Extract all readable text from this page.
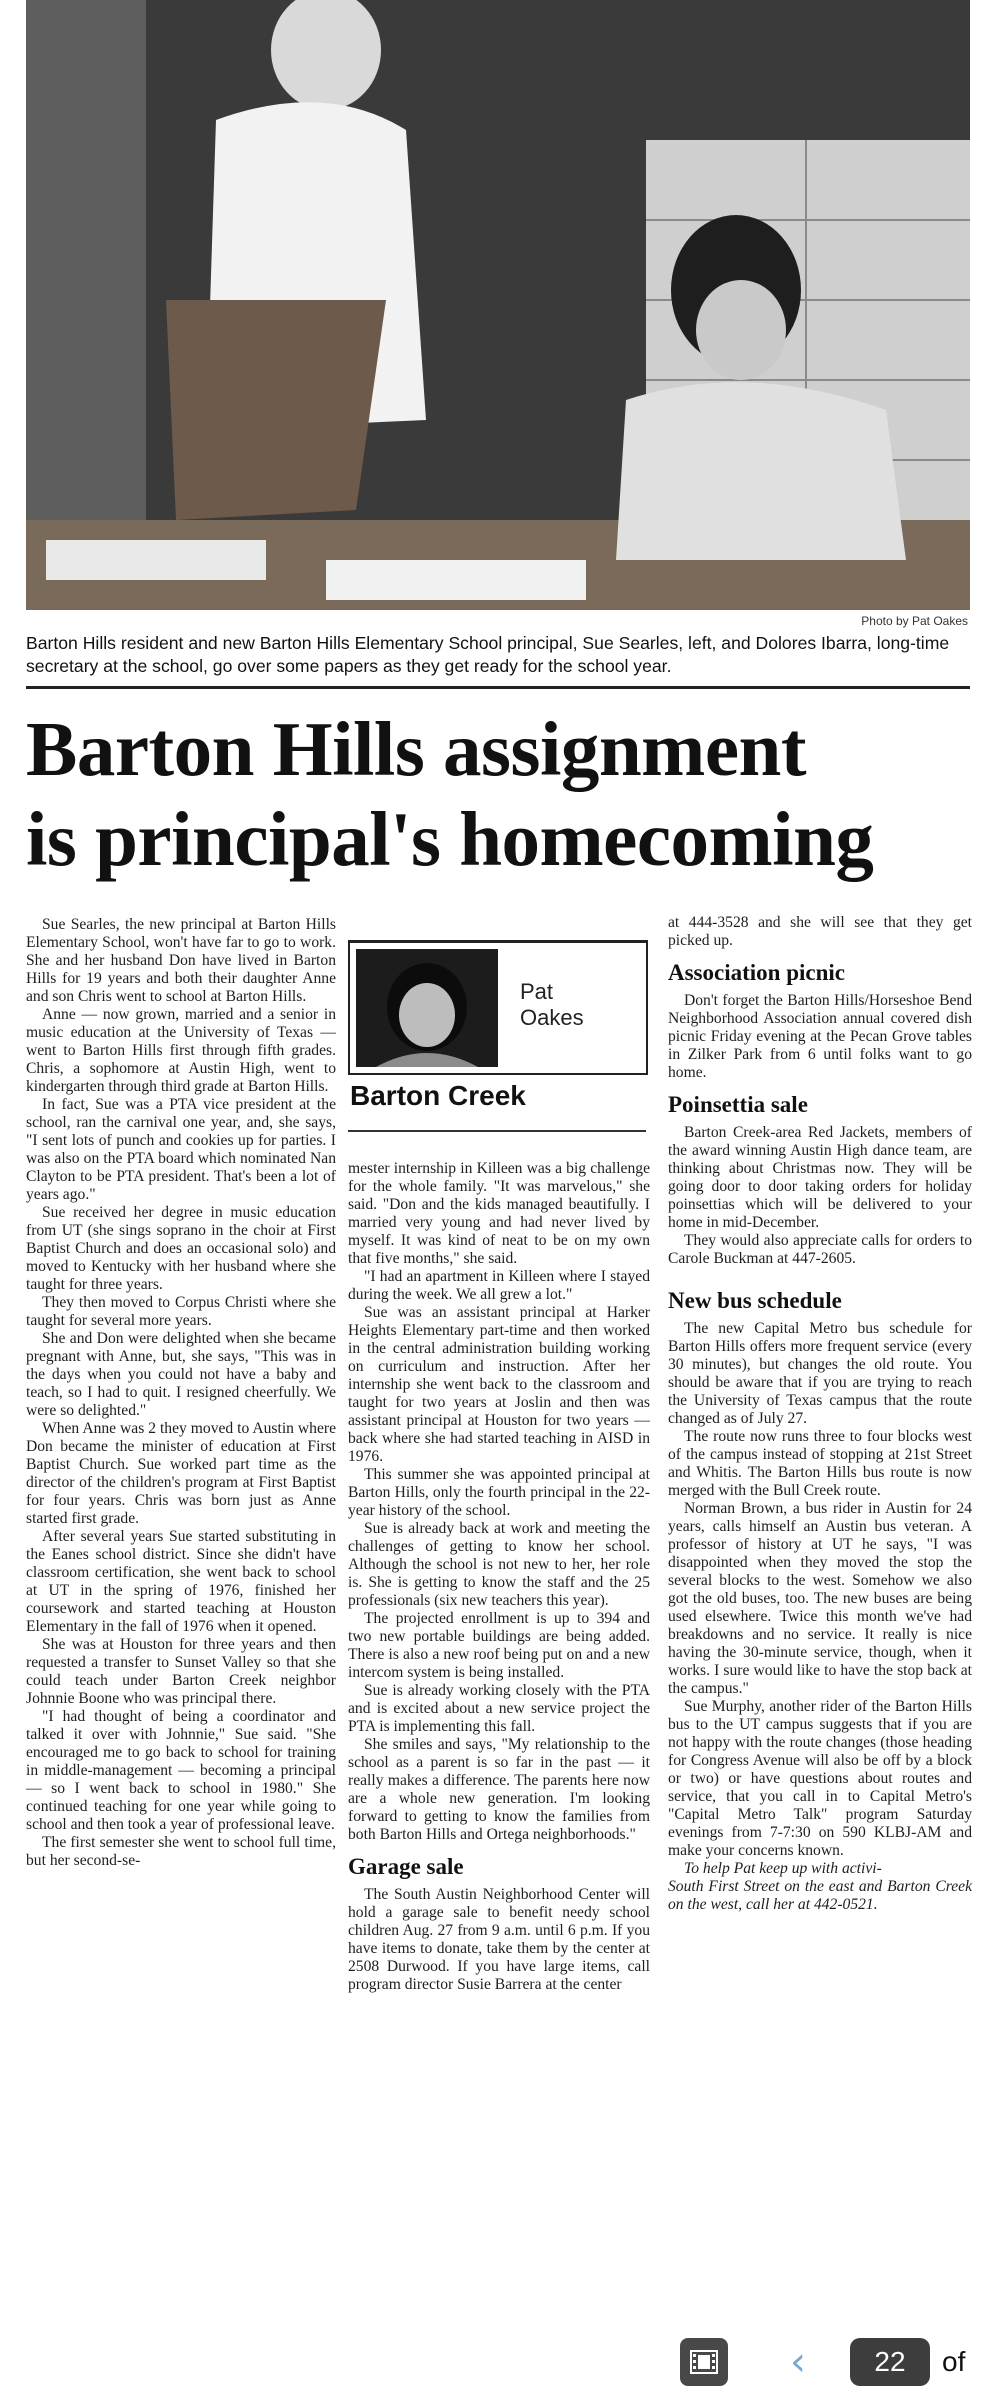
Photo by Pat Oakes
Barton Hills resident and new Barton Hills Elementary School principal, Sue Searles, left, and Dolores Ibarra, long-time secretary at the school, go over some papers as they get ready for the school year.
Barton Hills assignment
is principal's homecoming

Sue Searles, the new principal at Barton Hills Elementary School, won't have far to go to work. She and her husband Don have lived in Barton Hills for 19 years and both their daughter Anne and son Chris went to school at Barton Hills.

Anne — now grown, married and a senior in music education at the University of Texas — went to Barton Hills first through fifth grades. Chris, a sophomore at Austin High, went to kindergarten through third grade at Barton Hills.

In fact, Sue was a PTA vice president at the school, ran the carnival one year, and, she says, "I sent lots of punch and cookies up for parties. I was also on the PTA board which nominated Nan Clayton to be PTA president. That's been a lot of years ago."

Sue received her degree in music education from UT (she sings soprano in the choir at First Baptist Church and does an occasional solo) and moved to Kentucky with her husband where she taught for three years.

They then moved to Corpus Christi where she taught for several more years.

She and Don were delighted when she became pregnant with Anne, but, she says, "This was in the days when you could not have a baby and teach, so I had to quit. I resigned cheerfully. We were so delighted."

When Anne was 2 they moved to Austin where Don became the minister of education at First Baptist Church. Sue worked part time as the director of the children's program at First Baptist for four years. Chris was born just as Anne started first grade.

After several years Sue started substituting in the Eanes school district. Since she didn't have classroom certification, she went back to school at UT in the spring of 1976, finished her coursework and started teaching at Houston Elementary in the fall of 1976 when it opened.

She was at Houston for three years and then requested a transfer to Sunset Valley so that she could teach under Barton Creek neighbor Johnnie Boone who was principal there.

"I had thought of being a coordinator and talked it over with Johnnie," Sue said. "She encouraged me to go back to school for training in middle-management — becoming a principal — so I went back to school in 1980." She continued teaching for one year while going to school and then took a year of professional leave.

The first semester she went to school full time, but her second-se-

Pat
Oakes
Barton Creek

mester internship in Killeen was a big challenge for the whole family. "It was marvelous," she said. "Don and the kids managed beautifully. I married very young and had never lived by myself. It was kind of neat to be on my own that five months," she said.

"I had an apartment in Killeen where I stayed during the week. We all grew a lot."

Sue was an assistant principal at Harker Heights Elementary part-time and then worked in the central administration building working on curriculum and instruction. After her internship she went back to the classroom and taught for two years at Joslin and then was assistant principal at Houston for two years — back where she had started teaching in AISD in 1976.

This summer she was appointed principal at Barton Hills, only the fourth principal in the 22-year history of the school.

Sue is already back at work and meeting the challenges of getting to know her school. Although the school is not new to her, her role is. She is getting to know the staff and the 25 professionals (six new teachers this year).

The projected enrollment is up to 394 and two new portable buildings are being added. There is also a new roof being put on and a new intercom system is being installed.

Sue is already working closely with the PTA and is excited about a new service project the PTA is implementing this fall.

She smiles and says, "My relationship to the school as a parent is so far in the past — it really makes a difference. The parents here now are a whole new generation. I'm looking forward to getting to know the families from both Barton Hills and Ortega neighborhoods."

Garage sale

The South Austin Neighborhood Center will hold a garage sale to benefit needy school children Aug. 27 from 9 a.m. until 6 p.m. If you have items to donate, take them by the center at 2508 Durwood. If you have large items, call program director Susie Barrera at the center

at 444-3528 and she will see that they get picked up.

Association picnic

Don't forget the Barton Hills/Horseshoe Bend Neighborhood Association annual covered dish picnic Friday evening at the Pecan Grove tables in Zilker Park from 6 until folks want to go home.

Poinsettia sale

Barton Creek-area Red Jackets, members of the award winning Austin High dance team, are thinking about Christmas now. They will be going door to door taking orders for holiday poinsettias which will be delivered to your home in mid-December.

They would also appreciate calls for orders to Carole Buckman at 447-2605.

New bus schedule

The new Capital Metro bus schedule for Barton Hills offers more frequent service (every 30 minutes), but changes the old route. You should be aware that if you are trying to reach the University of Texas campus that the route changed as of July 27.

The route now runs three to four blocks west of the campus instead of stopping at 21st Street and Whitis. The Barton Hills bus route is now merged with the Bull Creek route.

Norman Brown, a bus rider in Austin for 24 years, calls himself an Austin bus veteran. A professor of history at UT he says, "I was disappointed when they moved the stop the several blocks to the west. Somehow we also got the old buses, too. The new buses are being used elsewhere. Twice this month we've had breakdowns and no service. It really is nice having the 30-minute service, though, when it works. I sure would like to have the stop back at the campus."

Sue Murphy, another rider of the Barton Hills bus to the UT campus suggests that if you are not happy with the route changes (those heading for Congress Avenue will also be off by a block or two) or have questions about routes and service, that you call in to Capital Metro's "Capital Metro Talk" program Saturday evenings from 7-7:30 on 590 KLBJ-AM and make your concerns known.

To help Pat keep up with activi-

South First Street on the east and Barton Creek on the west, call her at 442-0521.

‹	22	of
